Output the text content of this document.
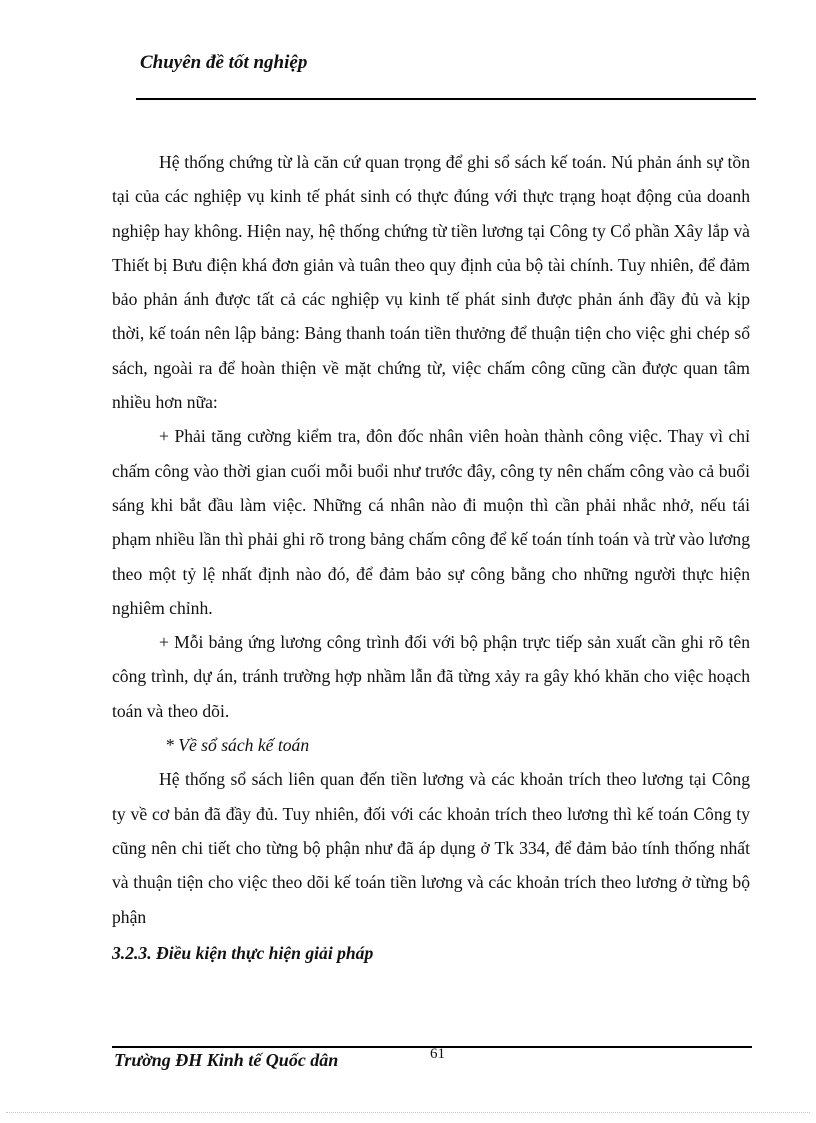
Chuyên đề tốt nghiệp

Hệ thống chứng từ là căn cứ quan trọng để ghi sổ sách kế toán. Nú phản ánh sự tồn tại của các nghiệp vụ kinh tế phát sinh có thực đúng với thực trạng hoạt động của doanh nghiệp hay không. Hiện nay, hệ thống chứng từ tiền lương tại Công ty Cổ phần Xây lắp và Thiết bị Bưu điện khá đơn giản và tuân theo quy định của bộ tài chính. Tuy nhiên, để đảm bảo phản ánh được tất cả các nghiệp vụ kinh tế phát sinh được phản ánh đầy đủ và kịp thời, kế toán nên lập bảng: Bảng thanh toán tiền thưởng để thuận tiện cho việc ghi chép sổ sách, ngoài ra để hoàn thiện về mặt chứng từ, việc chấm công cũng cần được quan tâm nhiều hơn nữa:

+ Phải tăng cường kiểm tra, đôn đốc nhân viên hoàn thành công việc. Thay vì chỉ chấm công vào thời gian cuối mỗi buổi như trước đây, công ty nên chấm công vào cả buổi sáng khi bắt đầu làm việc. Những cá nhân nào đi muộn thì cần phải nhắc nhở, nếu tái phạm nhiều lần thì phải ghi rõ trong bảng chấm công để kế toán tính toán và trừ vào lương theo một tỷ lệ nhất định nào đó, để đảm bảo sự công bằng cho những người thực hiện nghiêm chỉnh.

+ Mỗi bảng ứng lương công trình đối với bộ phận trực tiếp sản xuất cần ghi rõ tên công trình, dự án, tránh trường hợp nhầm lẫn đã từng xảy ra gây khó khăn cho việc hoạch toán và theo dõi.

* Về sổ sách kế toán

Hệ thống sổ sách liên quan đến tiền lương và các khoản trích theo lương tại Công ty về cơ bản đã đầy đủ. Tuy nhiên, đối với các khoản trích theo lương thì kế toán Công ty cũng nên chi tiết cho từng bộ phận như đã áp dụng ở Tk 334, để đảm bảo tính thống nhất và thuận tiện cho việc theo dõi kế toán tiền lương và các khoản trích theo lương ở từng bộ phận

3.2.3. Điều kiện thực hiện giải pháp

Trường ĐH Kinh tế Quốc dân	61
